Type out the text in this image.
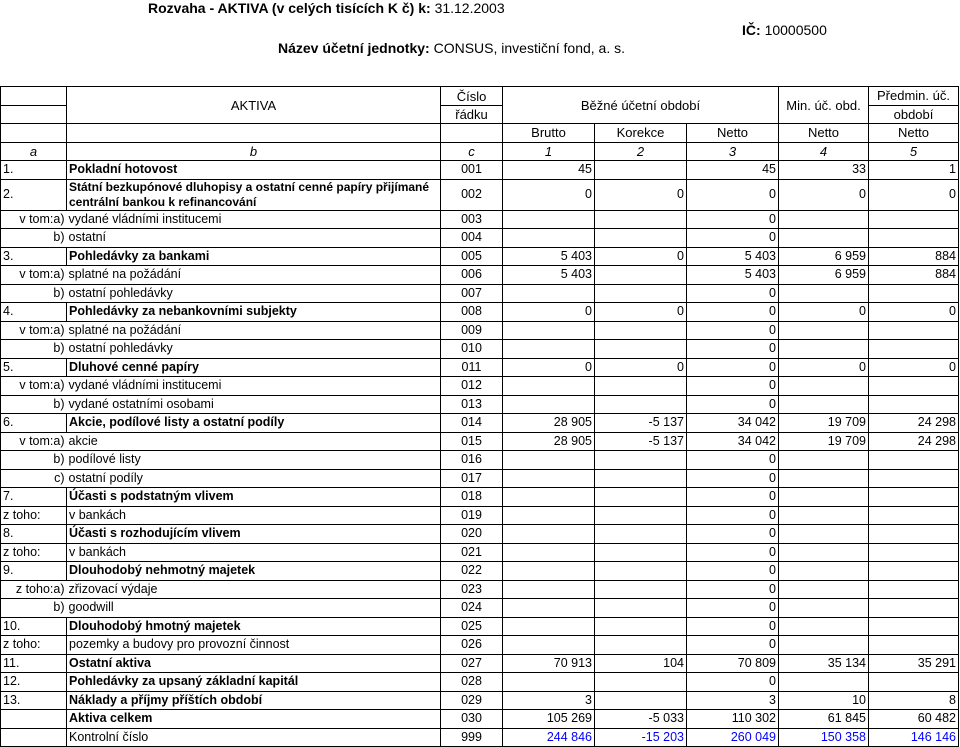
Rozvaha - AKTIVA (v celých tisících K č) k: 31.12.2003
IČ: 10000500
Název účetní jednotky: CONSUS, investiční fond, a. s.
	AKTIVA	Číslo	Běžné účetní období			Min. úč. obd.	Předmin. úč.
		řádku					období
			Brutto	Korekce	Netto	Netto	Netto
a	b	c	1	2	3	4	5
1.	Pokladní hotovost	001	45		45	33	1
2.	Státní bezkupónové dluhopisy a ostatní cenné papíry přijímané centrální bankou k refinancování	002	0	0	0	0	0
v tom:a)	vydané vládními institucemi	003			0		
b)	ostatní	004			0		
3.	Pohledávky za bankami	005	5 403	0	5 403	6 959	884
v tom:a)	splatné na požádání	006	5 403		5 403	6 959	884
b)	ostatní pohledávky	007			0		
4.	Pohledávky za nebankovními subjekty	008	0	0	0	0	0
v tom:a)	splatné na požádání	009			0		
b)	ostatní pohledávky	010			0		
5.	Dluhové cenné papíry	011	0	0	0	0	0
v tom:a)	vydané vládními institucemi	012			0		
b)	vydané ostatními osobami	013			0		
6.	Akcie, podílové listy a ostatní podíly	014	28 905	-5 137	34 042	19 709	24 298
v tom:a)	akcie	015	28 905	-5 137	34 042	19 709	24 298
b)	podílové listy	016			0		
c)	ostatní podíly	017			0		
7.	Účasti s podstatným vlivem	018			0		
z toho:	v bankách	019			0		
8.	Účasti s rozhodujícím vlivem	020			0		
z toho:	v bankách	021			0		
9.	Dlouhodobý nehmotný majetek	022			0		
z toho:a)	zřizovací výdaje	023			0		
b)	goodwill	024			0		
10.	Dlouhodobý hmotný majetek	025			0		
z toho:	pozemky a budovy pro provozní činnost	026			0		
11.	Ostatní aktiva	027	70 913	104	70 809	35 134	35 291
12.	Pohledávky za upsaný základní kapitál	028			0		
13.	Náklady a příjmy příštích období	029	3		3	10	8
	Aktiva celkem	030	105 269	-5 033	110 302	61 845	60 482
	Kontrolní číslo	999	244 846	-15 203	260 049	150 358	146 146
